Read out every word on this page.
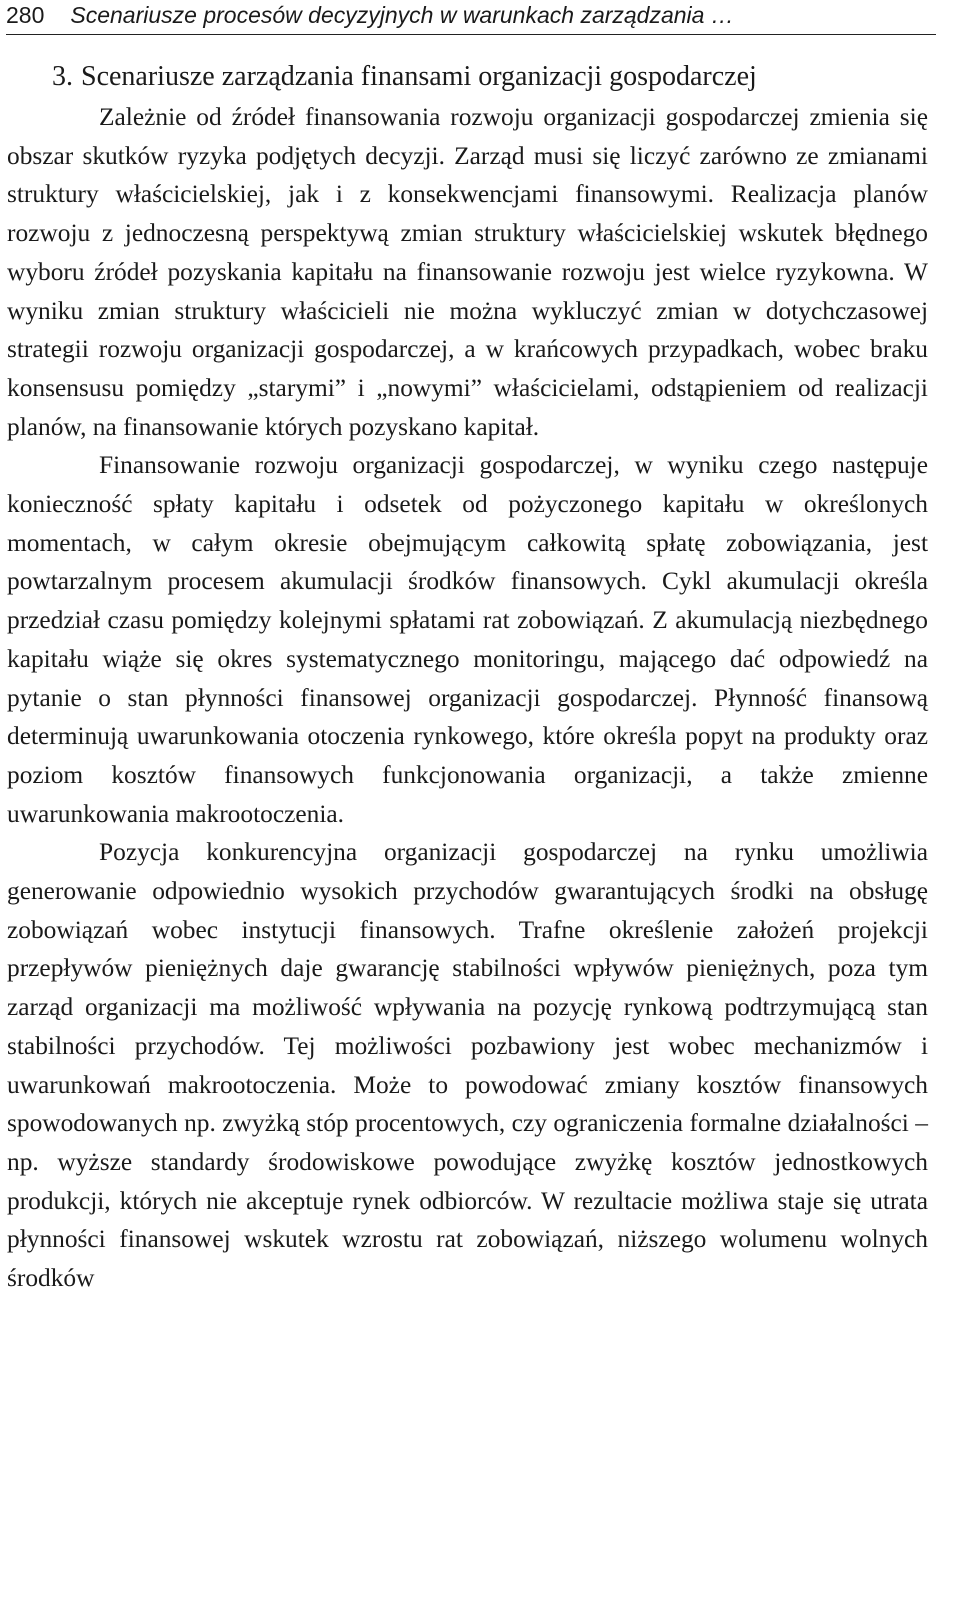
280 Scenariusze procesów decyzyjnych w warunkach zarządzania …
3. Scenariusze zarządzania finansami organizacji gospodarczej

Zależnie od źródeł finansowania rozwoju organizacji gospodarczej zmienia się obszar skutków ryzyka podjętych decyzji. Zarząd musi się liczyć zarówno ze zmianami struktury właścicielskiej, jak i z konsekwencjami finansowymi. Realizacja planów rozwoju z jednoczesną perspektywą zmian struktury właścicielskiej wskutek błędnego wyboru źródeł pozyskania kapitału na finansowanie rozwoju jest wielce ryzykowna. W wyniku zmian struktury właścicieli nie można wykluczyć zmian w dotychczasowej strategii rozwoju organizacji gospodarczej, a w krańcowych przypadkach, wobec braku konsensusu pomiędzy „starymi” i „nowymi” właścicielami, odstąpieniem od realizacji planów, na finansowanie których pozyskano kapitał.

Finansowanie rozwoju organizacji gospodarczej, w wyniku czego następuje konieczność spłaty kapitału i odsetek od pożyczonego kapitału w określonych momentach, w całym okresie obejmującym całkowitą spłatę zobowiązania, jest powtarzalnym procesem akumulacji środków finansowych. Cykl akumulacji określa przedział czasu pomiędzy kolejnymi spłatami rat zobowiązań. Z akumulacją niezbędnego kapitału wiąże się okres systematycznego monitoringu, mającego dać odpowiedź na pytanie o stan płynności finansowej organizacji gospodarczej. Płynność finansową determinują uwarunkowania otoczenia rynkowego, które określa popyt na produkty oraz poziom kosztów finansowych funkcjonowania organizacji, a także zmienne uwarunkowania makrootoczenia.

Pozycja konkurencyjna organizacji gospodarczej na rynku umożliwia generowanie odpowiednio wysokich przychodów gwarantujących środki na obsługę zobowiązań wobec instytucji finansowych. Trafne określenie założeń projekcji przepływów pieniężnych daje gwarancję stabilności wpływów pieniężnych, poza tym zarząd organizacji ma możliwość wpływania na pozycję rynkową podtrzymującą stan stabilności przychodów. Tej możliwości pozbawiony jest wobec mechanizmów i uwarunkowań makrootoczenia. Może to powodować zmiany kosztów finansowych spowodowanych np. zwyżką stóp procentowych, czy ograniczenia formalne działalności – np. wyższe standardy środowiskowe powodujące zwyżkę kosztów jednostkowych produkcji, których nie akceptuje rynek odbiorców. W rezultacie możliwa staje się utrata płynności finansowej wskutek wzrostu rat zobowiązań, niższego wolumenu wolnych środków
